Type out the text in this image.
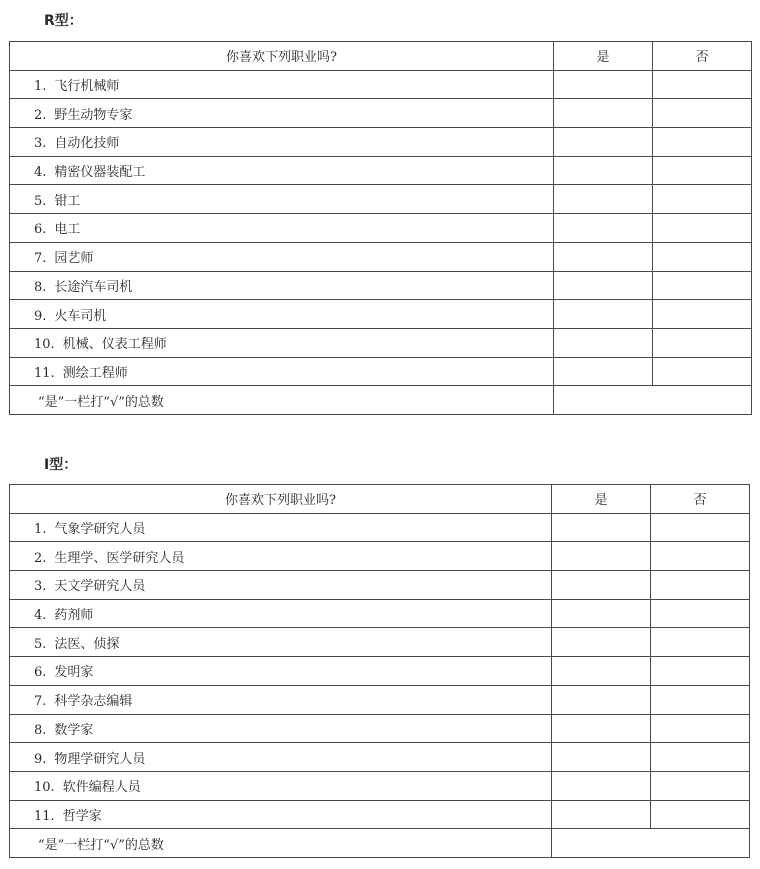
R型：
你喜欢下列职业吗?	是	否
1. 飞行机械师		
2. 野生动物专家		
3. 自动化技师		
4. 精密仪器装配工		
5. 钳工		
6. 电工		
7. 园艺师		
8. 长途汽车司机		
9. 火车司机		
10. 机械、仪表工程师		
11. 测绘工程师		
“是”一栏打“√”的总数		
I型：
你喜欢下列职业吗?	是	否
1. 气象学研究人员		
2. 生理学、医学研究人员		
3. 天文学研究人员		
4. 药剂师		
5. 法医、侦探		
6. 发明家		
7. 科学杂志编辑		
8. 数学家		
9. 物理学研究人员		
10. 软件编程人员		
11. 哲学家		
“是”一栏打“√”的总数		
